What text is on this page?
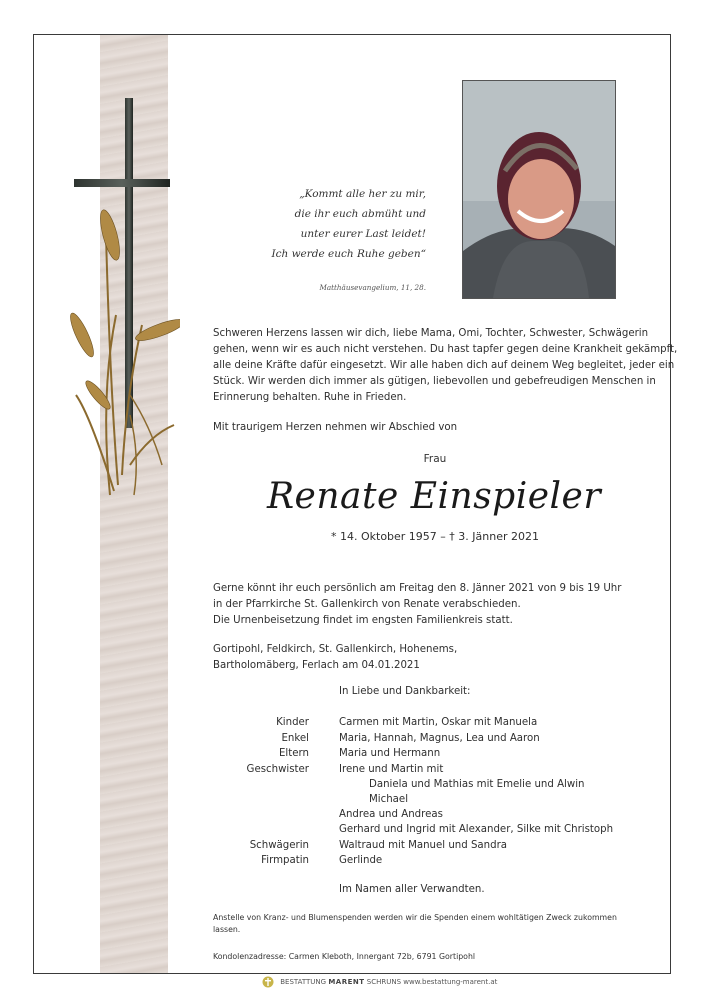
„Kommt alle her zu mir,
die ihr euch abmüht und
unter eurer Last leidet!
Ich werde euch Ruhe geben“
Matthäusevangelium, 11, 28.
Schweren Herzens lassen wir dich, liebe Mama, Omi, Tochter, Schwester, Schwägerin gehen, wenn wir es auch nicht verstehen. Du hast tapfer gegen deine Krankheit gekämpft, alle deine Kräfte dafür eingesetzt. Wir alle haben dich auf deinem Weg begleitet, jeder ein Stück. Wir werden dich immer als gütigen, liebevollen und gebefreudigen Menschen in Erinnerung behalten. Ruhe in Frieden.
Mit traurigem Herzen nehmen wir Abschied von
Frau
Renate Einspieler
* 14. Oktober 1957 – † 3. Jänner 2021
Gerne könnt ihr euch persönlich am Freitag den 8. Jänner 2021 von 9 bis 19 Uhr
in der Pfarrkirche St. Gallenkirch von Renate verabschieden.
Die Urnenbeisetzung findet im engsten Familienkreis statt.
Gortipohl, Feldkirch, St. Gallenkirch, Hohenems,
Bartholomäberg, Ferlach am 04.01.2021
In Liebe und Dankbarkeit:
Kinder	Carmen mit Martin, Oskar mit Manuela
Enkel	Maria, Hannah, Magnus, Lea und Aaron
Eltern	Maria und Hermann
Geschwister	Irene und Martin mit
Daniela und Mathias mit Emelie und Alwin
Michael
Andrea und Andreas
Gerhard und Ingrid mit Alexander, Silke mit Christoph
Schwägerin	Waltraud mit Manuel und Sandra
Firmpatin	Gerlinde
Im Namen aller Verwandten.
Anstelle von Kranz- und Blumenspenden werden wir die Spenden einem wohltätigen Zweck zukommen lassen.
Kondolenzadresse: Carmen Kleboth, Innergant 72b, 6791 Gortipohl
BESTATTUNG MARENT SCHRUNS www.bestattung-marent.at
